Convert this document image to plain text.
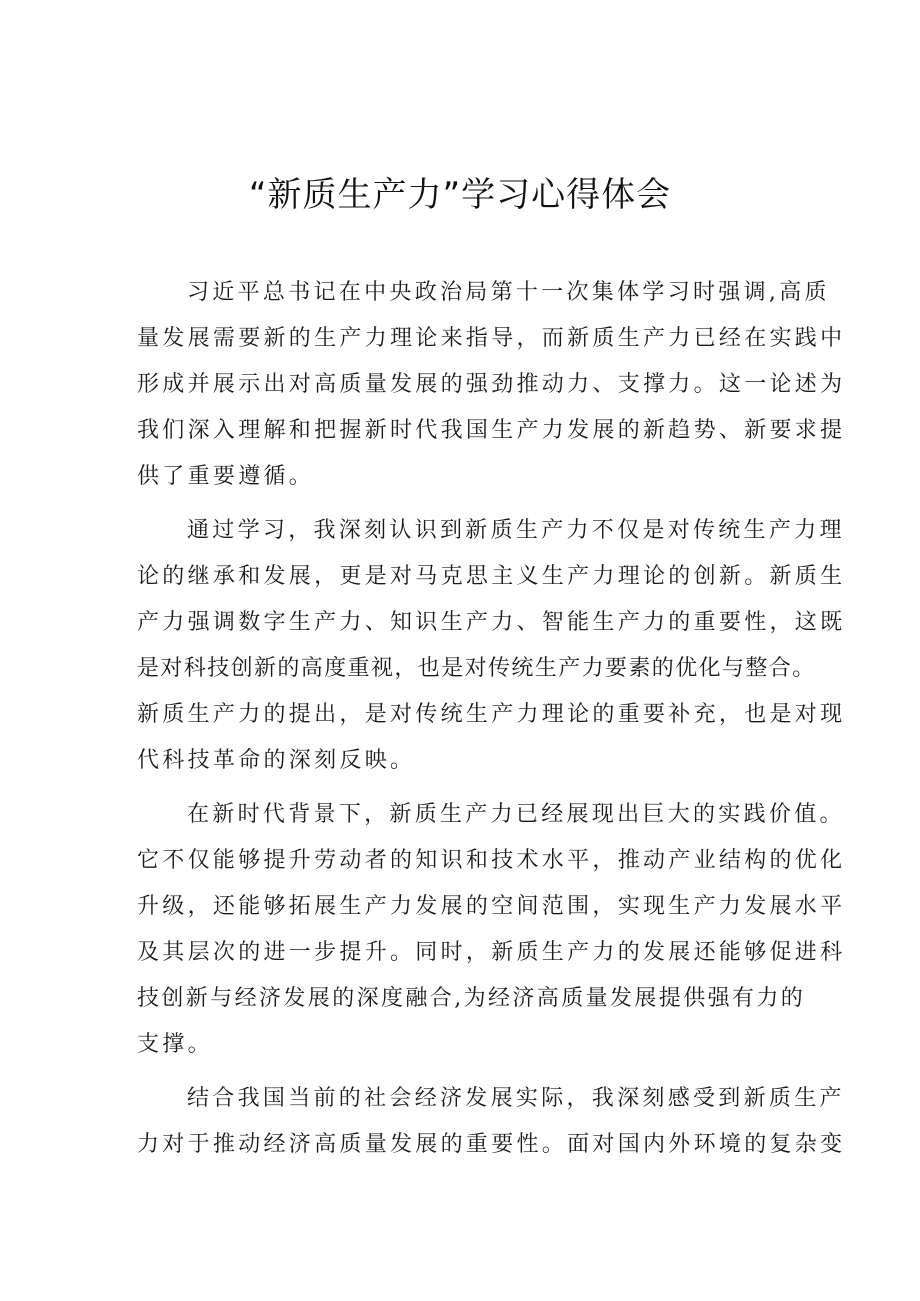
“新质生产力”学习心得体会
习近平总书记在中央政治局第十一次集体学习时强调,高质
量发展需要新的生产力理论来指导，而新质生产力已经在实践中
形成并展示出对高质量发展的强劲推动力、支撑力。这一论述为
我们深入理解和把握新时代我国生产力发展的新趋势、新要求提
供了重要遵循。
通过学习，我深刻认识到新质生产力不仅是对传统生产力理
论的继承和发展，更是对马克思主义生产力理论的创新。新质生
产力强调数字生产力、知识生产力、智能生产力的重要性，这既
是对科技创新的高度重视，也是对传统生产力要素的优化与整合。
新质生产力的提出，是对传统生产力理论的重要补充，也是对现
代科技革命的深刻反映。
在新时代背景下，新质生产力已经展现出巨大的实践价值。
它不仅能够提升劳动者的知识和技术水平，推动产业结构的优化
升级，还能够拓展生产力发展的空间范围，实现生产力发展水平
及其层次的进一步提升。同时，新质生产力的发展还能够促进科
技创新与经济发展的深度融合,为经济高质量发展提供强有力的
支撑。
结合我国当前的社会经济发展实际，我深刻感受到新质生产
力对于推动经济高质量发展的重要性。面对国内外环境的复杂变
